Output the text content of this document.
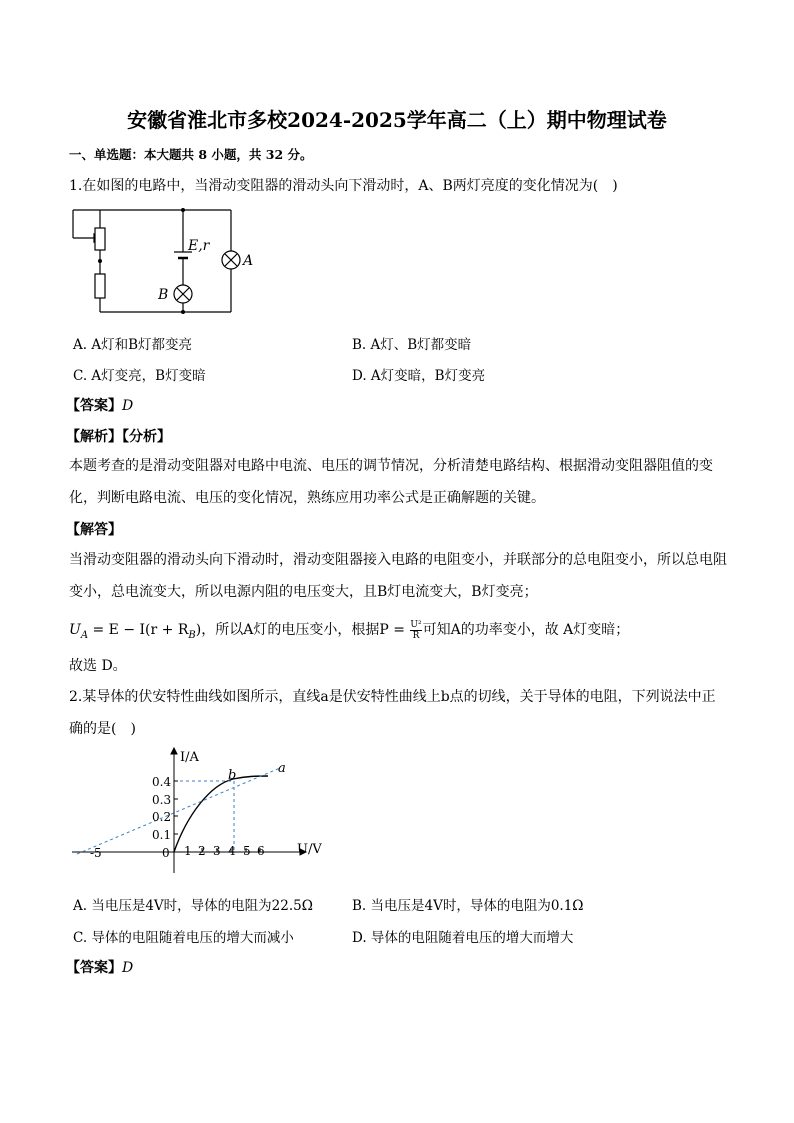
安徽省淮北市多校2024-2025学年高二（上）期中物理试卷
一、单选题：本大题共 8 小题，共 32 分。
1.在如图的电路中，当滑动变阻器的滑动头向下滑动时，A、B两灯亮度的变化情况为(　)
E,r
A
B
A. A灯和B灯都变亮	B. A灯、B灯都变暗
C. A灯变亮，B灯变暗	D. A灯变暗，B灯变亮
【答案】D
【解析】【分析】
本题考查的是滑动变阻器对电路中电流、电压的调节情况，分析清楚电路结构、根据滑动变阻器阻值的变化，判断电路电流、电压的变化情况，熟练应用功率公式是正确解题的关键。
【解答】
当滑动变阻器的滑动头向下滑动时，滑动变阻器接入电路的电阻变小，并联部分的总电阻变小，所以总电阻变小，总电流变大，所以电源内阻的电压变大，且B灯电流变大，B灯变亮；
$U_A = E - I(r + R_B)$，所以A灯的电压变小，根据$P = \frac{\text{U²}}{R}$ 可知A的功率变小，故 A灯变暗；
故选 D。
2.某导体的伏安特性曲线如图所示，直线a是伏安特性曲线上b点的切线，关于导体的电阻，下列说法中正
确的是(　)
I/A
U/V
0.4
0.3
0.2
0.1
1 2 3 4 5 6
-5	0
b	a
A. 当电压是4V时，导体的电阻为22.5Ω	B. 当电压是4V时，导体的电阻为0.1Ω
C. 导体的电阻随着电压的增大而减小	D. 导体的电阻随着电压的增大而增大
【答案】D
